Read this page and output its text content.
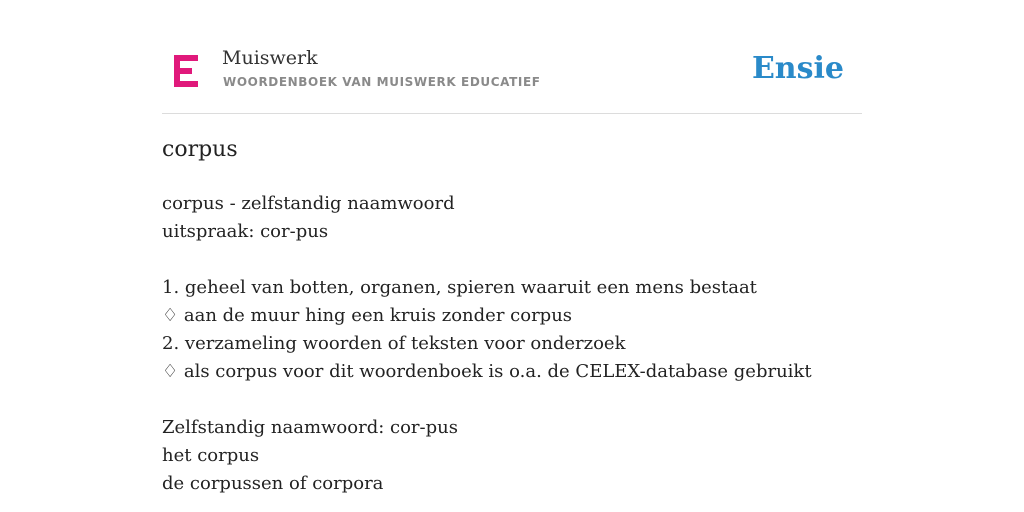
Muiswerk
WOORDENBOEK VAN MUISWERK EDUCATIEF	Ensie
corpus
corpus - zelfstandig naamwoord
uitspraak: cor-pus
1. geheel van botten, organen, spieren waaruit een mens bestaat
♢ aan de muur hing een kruis zonder corpus
2. verzameling woorden of teksten voor onderzoek
♢ als corpus voor dit woordenboek is o.a. de CELEX-database gebruikt
Zelfstandig naamwoord: cor-pus
het corpus
de corpussen of corpora
